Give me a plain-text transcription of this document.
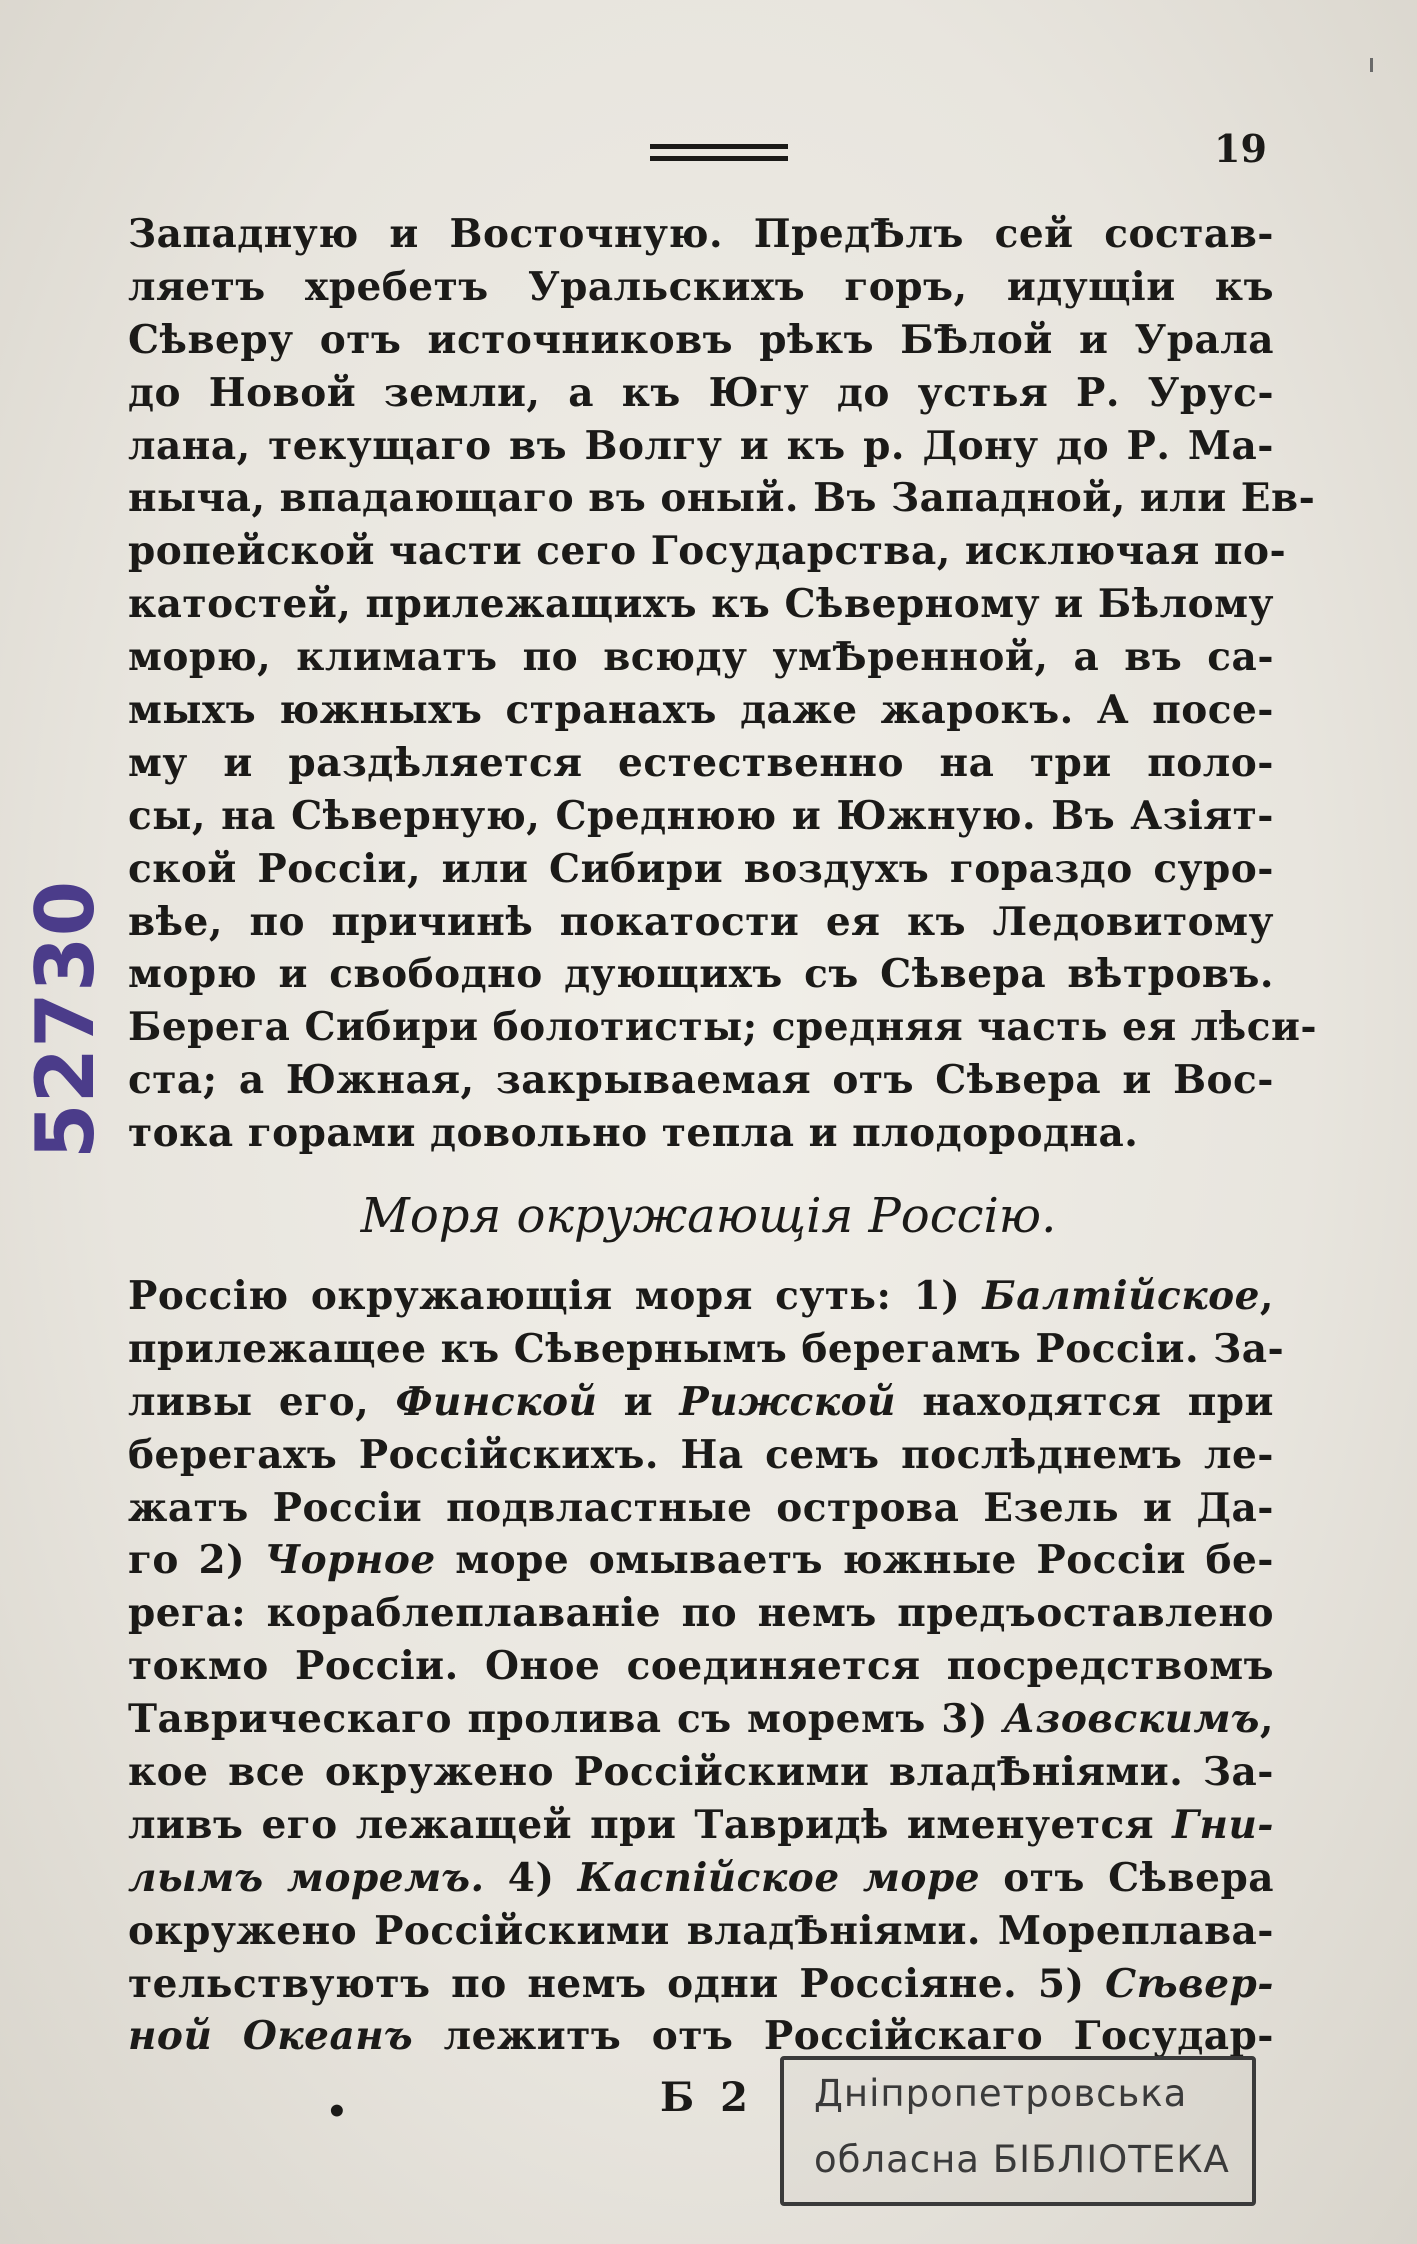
19
52730
Западную и Восточную. ПредѢлъ сей состав-
ляетъ хребетъ Уральскихъ горъ, идущіи къ
Сѣверу отъ источниковъ рѣкъ БѢлой и Урала
до Новой земли, а къ Югу до устья Р. Урус-
лана, текущаго въ Волгу и къ р. Дону до Р. Ма-
ныча, впадающаго въ оный. Въ Западной, или Ев-
ропейской части сего Государства, исключая по-
катостей, прилежащихъ къ Сѣверному и Бѣлому
морю, климатъ по всюду умѢренной, а въ са-
мыхъ южныхъ странахъ даже жарокъ. А посе-
му и раздѣляется естественно на три поло-
сы, на Сѣверную, Среднюю и Южную. Въ Азіят-
ской Россіи, или Сибири воздухъ гораздо суро-
вѣе, по причинѣ покатости ея къ Ледовитому
морю и свободно дующихъ съ Сѣвера вѣтровъ.
Берега Сибири болотисты; средняя часть ея лѣси-
ста; а Южная, закрываемая отъ Сѣвера и Вос-
тока горами довольно тепла и плодородна.
Моря окружающія Россію.
Россію окружающія моря суть: 1) Балтійское,
прилежащее къ Сѣвернымъ берегамъ Россіи. За-
ливы его, Финской и Рижской находятся при
берегахъ Россійскихъ. На семъ послѣднемъ ле-
жатъ Россіи подвластные острова Езель и Да-
го 2) Чорное море омываетъ южные Россіи бе-
рега: кораблеплаваніе по немъ предъоставлено
токмо Россіи. Оное соединяется посредствомъ
Таврическаго пролива съ моремъ 3) Азовскимъ,
кое все окружено Россійскими владѢніями. За-
ливъ его лежащей при Тавридѣ именуется Гни-
лымъ моремъ. 4) Каспійское море отъ Сѣвера
окружено Россійскими владѢніями. Мореплава-
тельствуютъ по немъ одни Россіяне. 5) Сѣвер-
ной Океанъ лежитъ отъ Россійскаго Государ-
•	Б 2 Дніпропетровська
обласна БІБЛІОТЕКА
